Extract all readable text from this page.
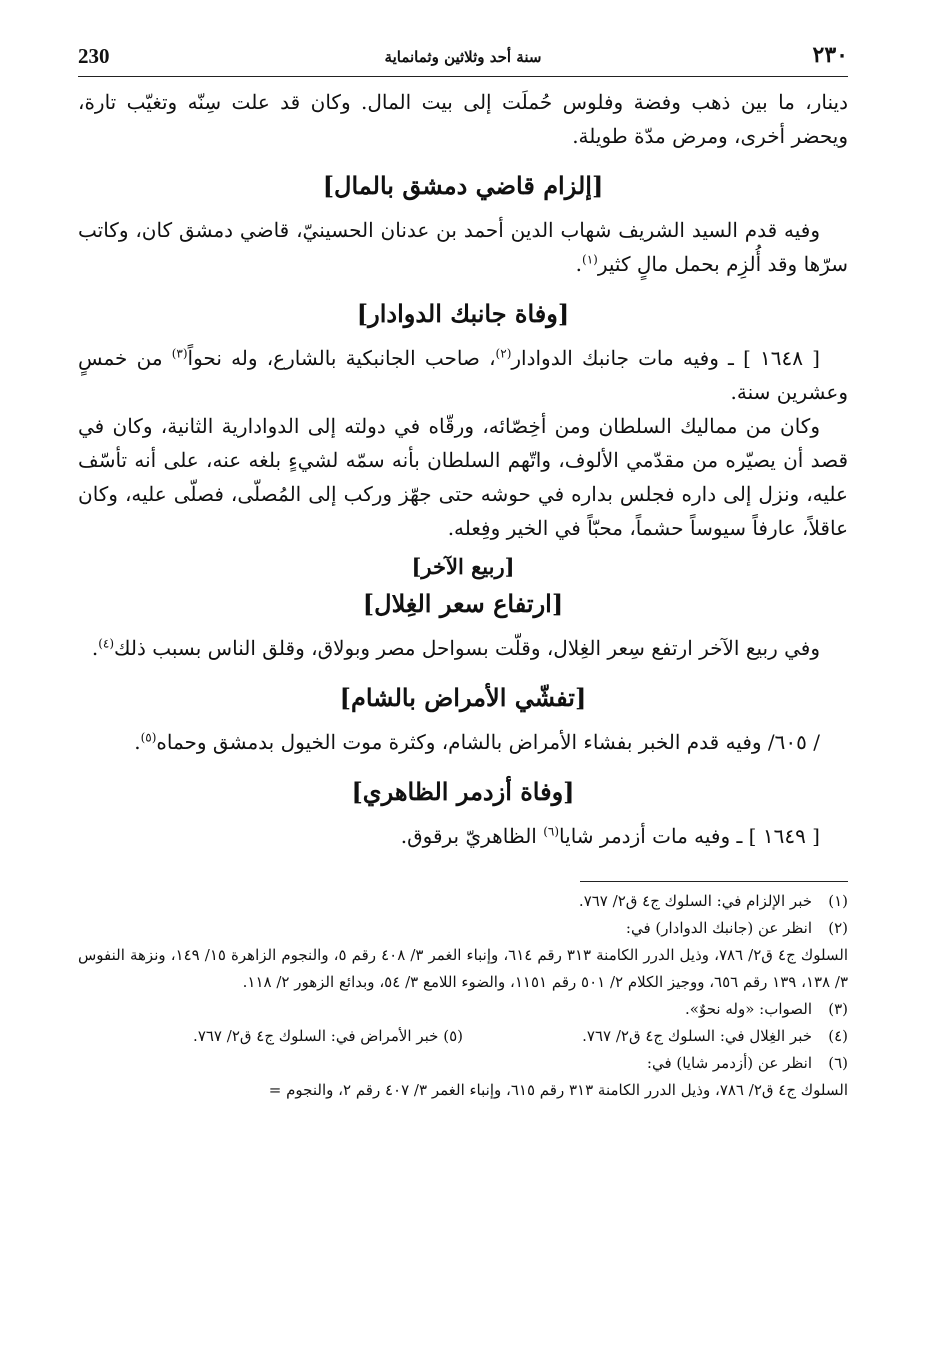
٢٣٠
سنة أحد وثلاثين وثمانماية
230

دينار، ما بين ذهب وفضة وفلوس حُملَت إلى بيت المال. وكان قد علت سِنّه وتغيّب تارة، ويحضر أخرى، ومرض مدّة طويلة.

[إلزام قاضي دمشق بالمال]

وفيه قدم السيد الشريف شهاب الدين أحمد بن عدنان الحسينيّ، قاضي دمشق كان، وكاتب سرّها وقد أُلزِم بحمل مالٍ كثير$^{(١)}$.

[وفاة جانبك الدوادار]

[ ١٦٤٨ ] ـ وفيه مات جانبك الدوادار$^{(٢)}$، صاحب الجانبكية بالشارع، وله نحواً$^{(٣)}$ من خمسٍ وعشرين سنة.

وكان من مماليك السلطان ومن أخِصّائه، ورقّاه في دولته إلى الدوادارية الثانية، وكان في قصد أن يصيّره من مقدّمي الألوف، واتّهم السلطان بأنه سمّه لشيءٍ بلغه عنه، على أنه تأسّف عليه، ونزل إلى داره فجلس بداره في حوشه حتى جهّز وركب إلى المُصلّى، فصلّى عليه، وكان عاقلاً، عارفاً سيوساً حشماً، محبّاً في الخير وفِعله.

[ربيع الآخر]

[ارتفاع سعر الغِلال]

وفي ربيع الآخر ارتفع سِعر الغِلال، وقلّت بسواحل مصر وبولاق، وقلق الناس بسبب ذلك$^{(٤)}$.

[تفشّي الأمراض بالشام]

/ ٦٠٥/ وفيه قدم الخبر بفشاء الأمراض بالشام، وكثرة موت الخيول بدمشق وحماه$^{(٥)}$.

[وفاة أزدمر الظاهري]

[ ١٦٤٩ ] ـ وفيه مات أزدمر شايا$^{(٦)}$ الظاهريّ برقوق.

(١)خبر الإلزام في: السلوك ج٤ ق٢/ ٧٦٧.

(٢)انظر عن (جانبك الدوادار) في:

السلوك ج٤ ق٢/ ٧٨٦، وذيل الدرر الكامنة ٣١٣ رقم ٦١٤، وإنباء الغمر ٣/ ٤٠٨ رقم ٥، والنجوم الزاهرة ١٥/ ١٤٩، ونزهة النفوس ٣/ ١٣٨، ١٣٩ رقم ٦٥٦، ووجيز الكلام ٢/ ٥٠١ رقم ١١٥١، والضوء اللامع ٣/ ٥٤، وبدائع الزهور ٢/ ١١٨.

(٣)الصواب: «وله نحوٌ».

(٤)خبر الغِلال في: السلوك ج٤ ق٢/ ٧٦٧.
(٥) خبر الأمراض في: السلوك ج٤ ق٢/ ٧٦٧.

(٦)انظر عن (أزدمر شايا) في:

السلوك ج٤ ق٢/ ٧٨٦، وذيل الدرر الكامنة ٣١٣ رقم ٦١٥، وإنباء الغمر ٣/ ٤٠٧ رقم ٢، والنجوم =
